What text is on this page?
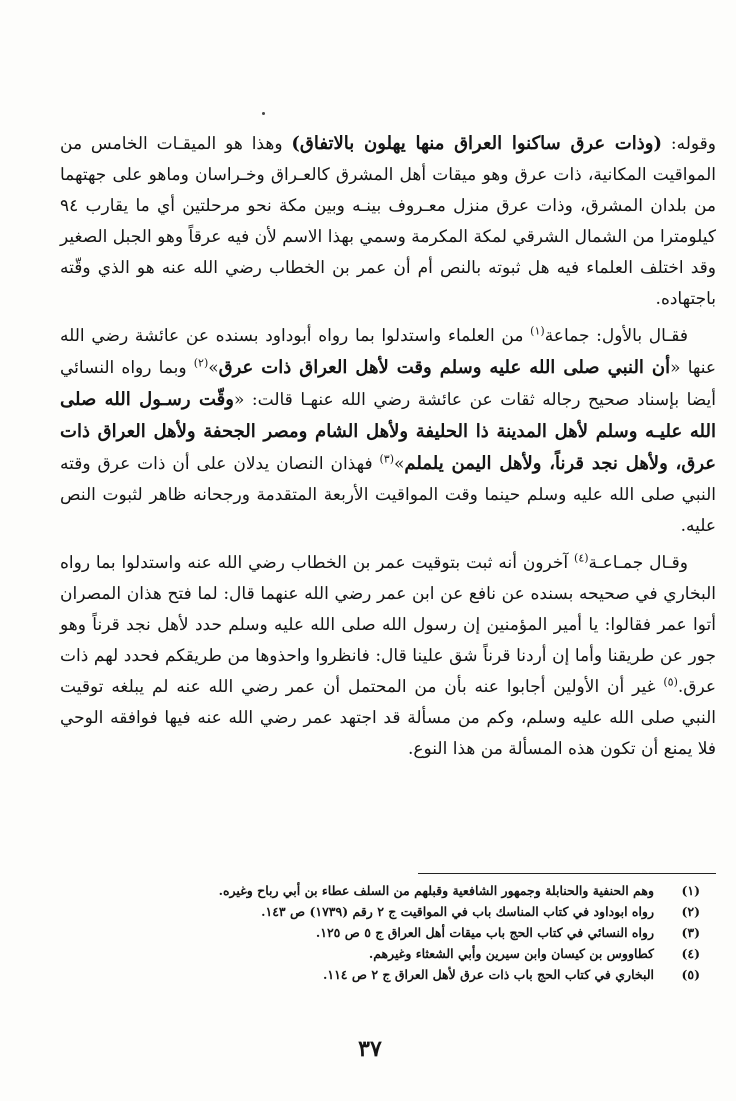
وقوله: (وذات عرق ساكنوا العراق منها يهلون بالاتفاق) وهذا هو الميقـات الخامس من المواقيت المكانية، ذات عرق وهو ميقات أهل المشرق كالعـراق وخـراسان وماهو على جهتهما من بلدان المشرق، وذات عرق منزل معـروف بينـه وبين مكة نحو مرحلتين أي ما يقارب ٩٤ كيلومترا من الشمال الشرقي لمكة المكرمة وسمي بهذا الاسم لأن فيه عرقاً وهو الجبل الصغير وقد اختلف العلماء فيه هل ثبوته بالنص أم أن عمر بن الخطاب رضي الله عنه هو الذي وقّته باجتهاده.

فقـال بالأول: جماعة$^{(١)}$ من العلماء واستدلوا بما رواه أبوداود بسنده عن عائشة رضي الله عنها «أن النبي صلى الله عليه وسلم وقت لأهل العراق ذات عرق»$^{(٢)}$ وبما رواه النسائي أيضا بإسناد صحيح رجاله ثقات عن عائشة رضي الله عنهـا قالت: «وقّت رسـول الله صلى الله عليـه وسلم لأهل المدينة ذا الحليفة ولأهل الشام ومصر الجحفة ولأهل العراق ذات عرق، ولأهل نجد قرناً، ولأهل اليمن يلملم»$^{(٣)}$ فهذان النصان يدلان على أن ذات عرق وقته النبي صلى الله عليه وسلم حينما وقت المواقيت الأربعة المتقدمة ورجحانه ظاهر لثبوت النص عليه.

وقـال جمـاعـة$^{(٤)}$ آخرون أنه ثبت بتوقيت عمر بن الخطاب رضي الله عنه واستدلوا بما رواه البخاري في صحيحه بسنده عن نافع عن ابن عمر رضي الله عنهما قال: لما فتح هذان المصران أتوا عمر فقالوا: يا أمير المؤمنين إن رسول الله صلى الله عليه وسلم حدد لأهل نجد قرناً وهو جور عن طريقنا وأما إن أردنا قرناً شق علينا قال: فانظروا واحذوها من طريقكم فحدد لهم ذات عرق.$^{(٥)}$ غير أن الأولين أجابوا عنه بأن من المحتمل أن عمر رضي الله عنه لم يبلغه توقيت النبي صلى الله عليه وسلم، وكم من مسألة قد اجتهد عمر رضي الله عنه فيها فوافقه الوحي فلا يمنع أن تكون هذه المسألة من هذا النوع.

(١)
وهم الحنفية والحنابلة وجمهور الشافعية وقبلهم من السلف عطاء بن أبي رباح وغيره.
(٢)
رواه ابوداود في كتاب المناسك باب في المواقيت ج ٢ رقم (١٧٣٩) ص ١٤٣.
(٣)
رواه النسائي في كتاب الحج باب ميقات أهل العراق ج ٥ ص ١٢٥.
(٤)
كطاووس بن كيسان وابن سيرين وأبي الشعثاء وغيرهم.
(٥)
البخاري في كتاب الحج باب ذات عرق لأهل العراق ج ٢ ص ١١٤.
٣٧
